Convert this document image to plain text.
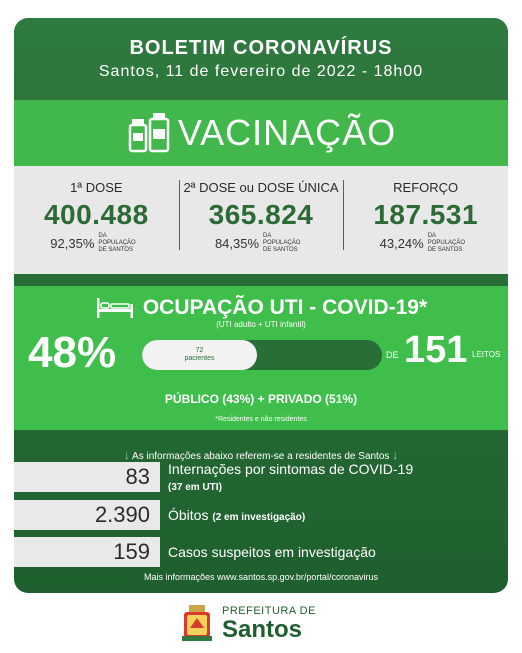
BOLETIM CORONAVÍRUS
Santos, 11 de fevereiro de 2022 - 18h00
VACINAÇÃO
1ª DOSE
400.488
92,35% DA POPULAÇÃO DE SANTOS
2ª DOSE ou DOSE ÚNICA
365.824
84,35% DA POPULAÇÃO DE SANTOS
REFORÇO
187.531
43,24% DA POPULAÇÃO DE SANTOS
OCUPAÇÃO UTI - COVID-19*
(UTI adulto + UTI infantil)
48%	72
pacientes	DE 151 LEITOS
PÚBLICO (43%) + PRIVADO (51%)
*Residentes e não residentes
↓ As informações abaixo referem-se a residentes de Santos ↓
83	Internações por sintomas de COVID-19
(37 em UTI)
2.390	Óbitos (2 em investigação)
159	Casos suspeitos em investigação
Mais informações www.santos.sp.gov.br/portal/coronavirus
PREFEITURA DE
Santos
